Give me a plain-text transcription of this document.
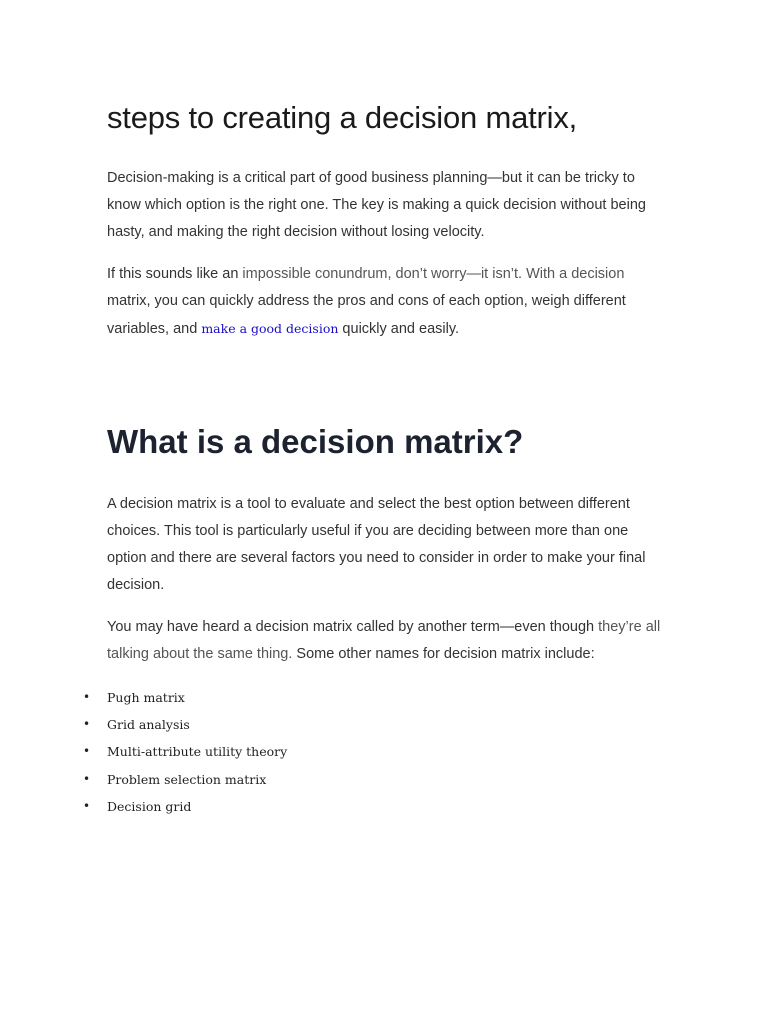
steps to creating a decision matrix,

Decision-making is a critical part of good business planning—but it can be tricky to know which option is the right one. The key is making a quick decision without being hasty, and making the right decision without losing velocity.

If this sounds like an impossible conundrum, don’t worry—it isn’t. With a decision matrix, you can quickly address the pros and cons of each option, weigh different variables, and make a good decision quickly and easily.

What is a decision matrix?

A decision matrix is a tool to evaluate and select the best option between different choices. This tool is particularly useful if you are deciding between more than one option and there are several factors you need to consider in order to make your final decision.

You may have heard a decision matrix called by another term—even though they’re all talking about the same thing. Some other names for decision matrix include:

• Pugh matrix
• Grid analysis
• Multi-attribute utility theory
• Problem selection matrix
• Decision grid
